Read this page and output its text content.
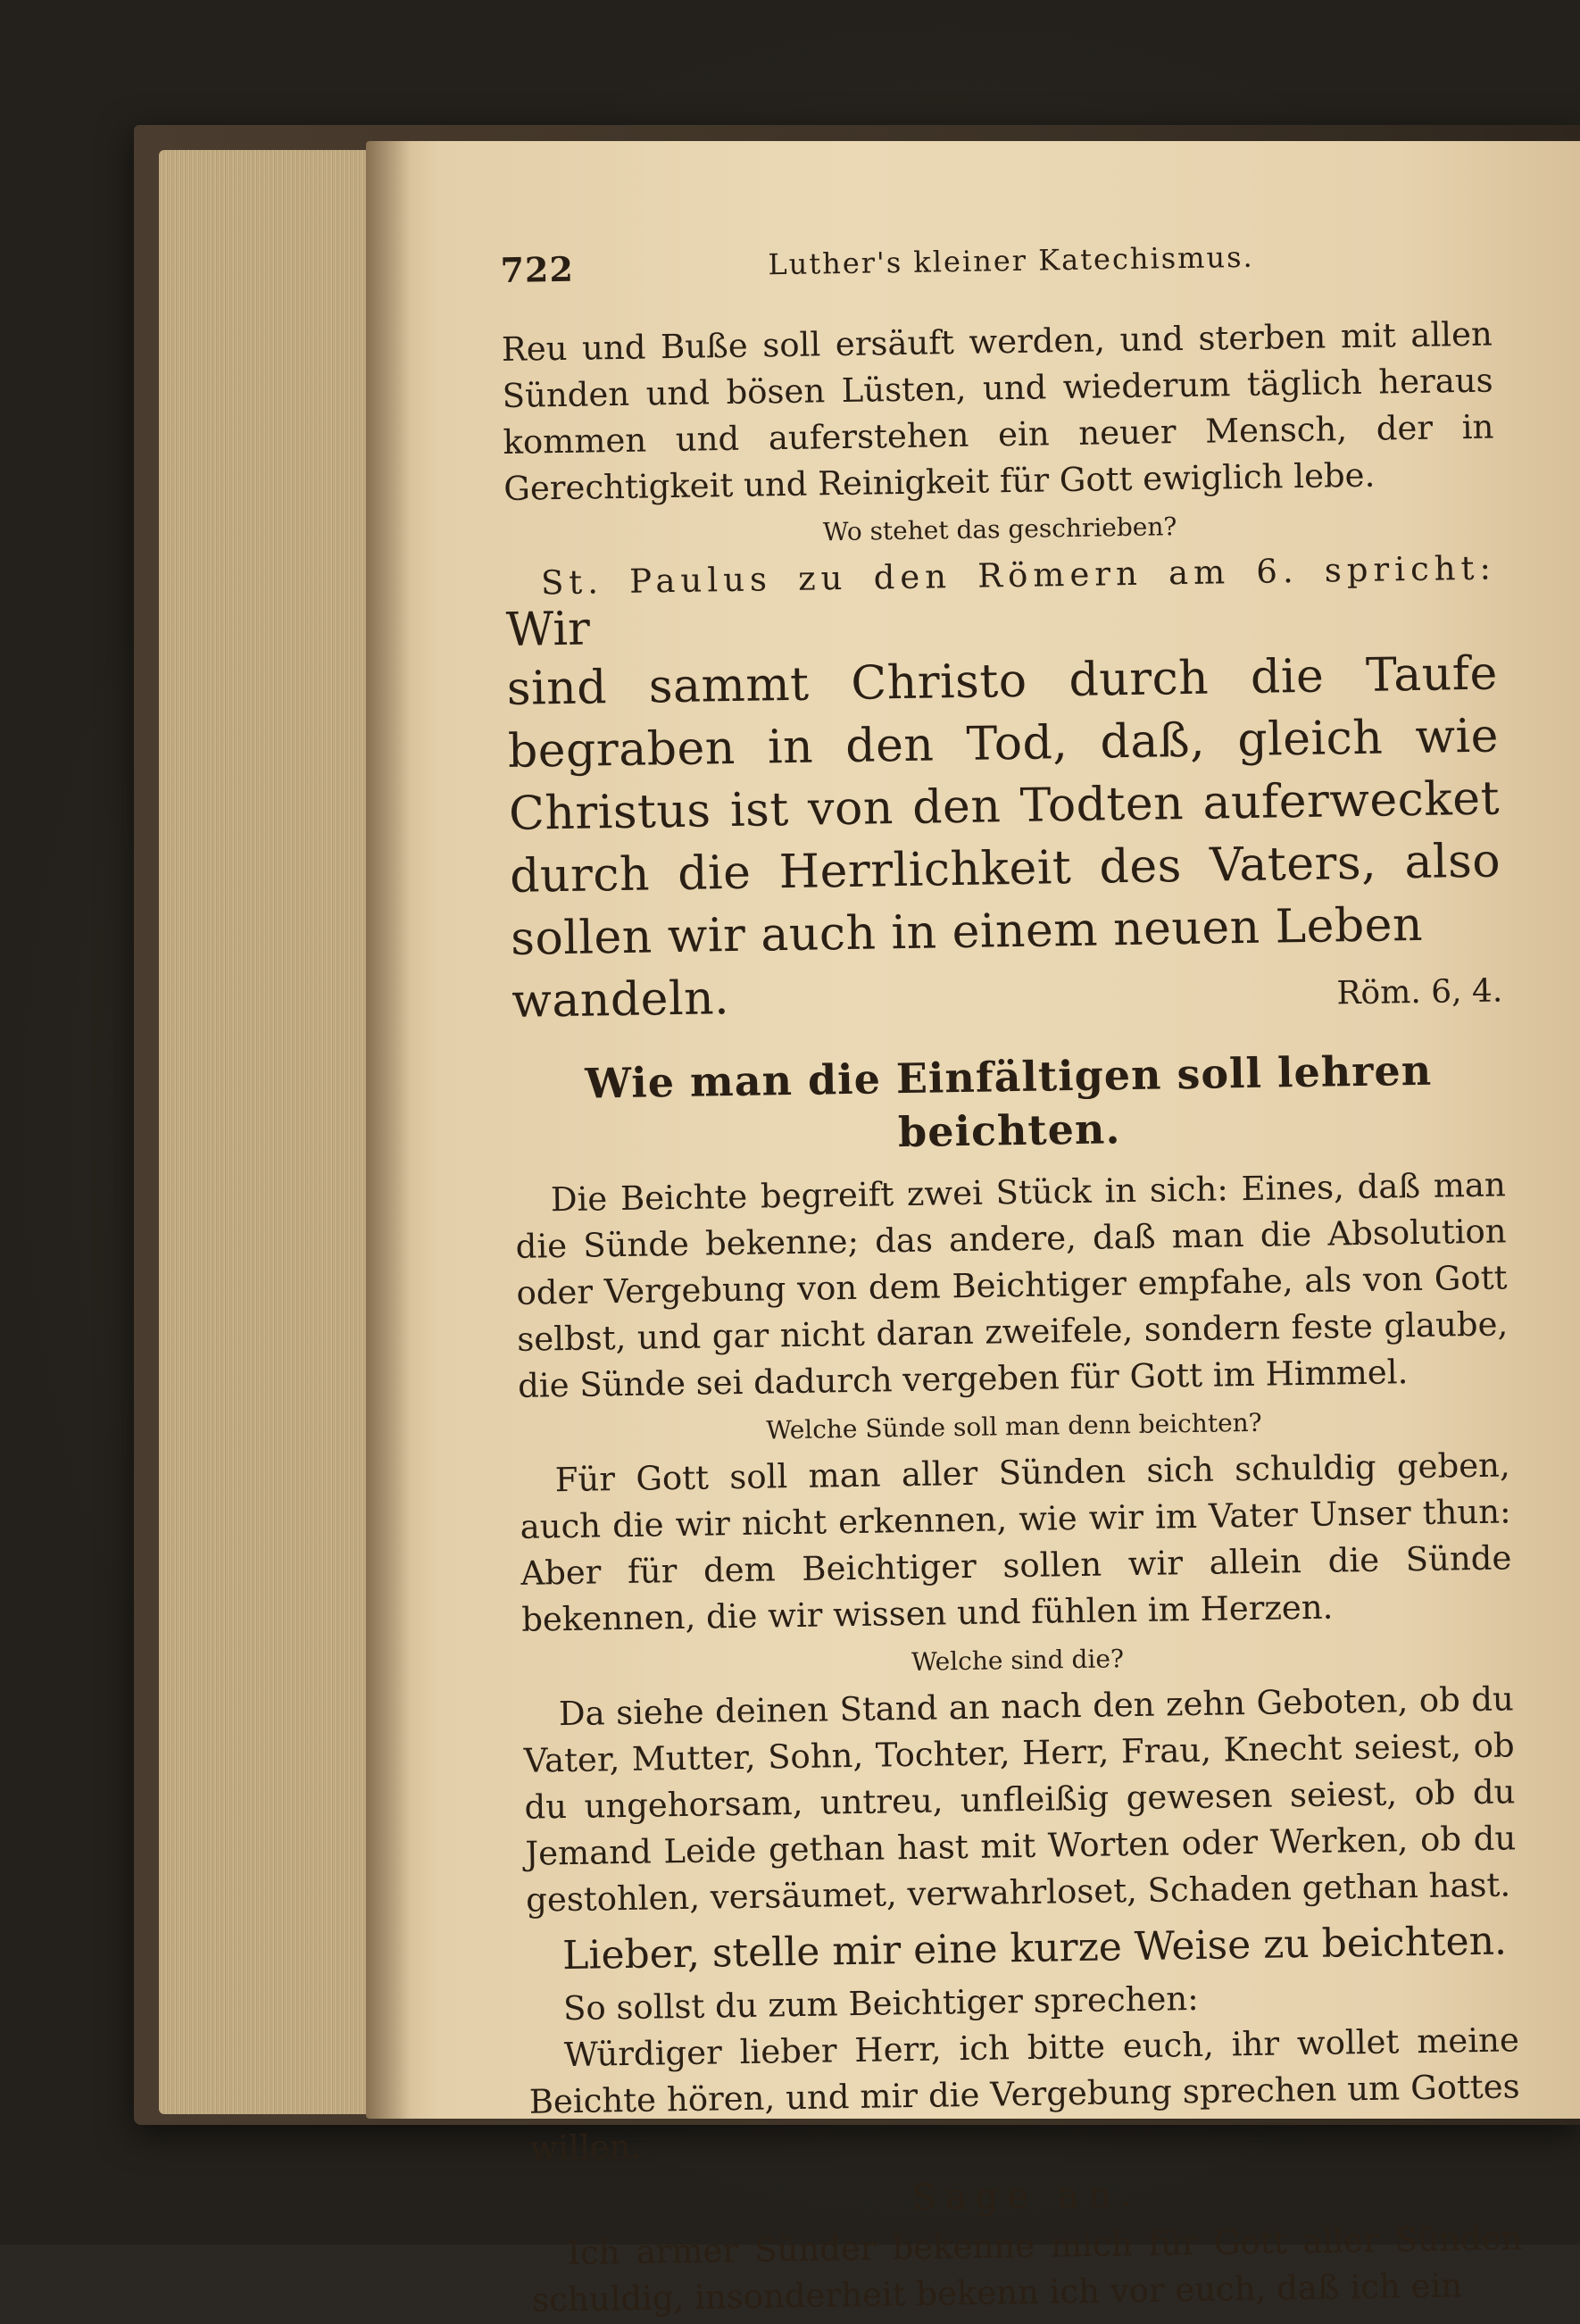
722	Luther's kleiner Katechismus.

Reu und Buße soll ersäuft werden, und sterben mit allen Sünden und bösen Lüsten, und wiederum täglich heraus kommen und auferstehen ein neuer Mensch, der in Gerechtigkeit und Reinigkeit für Gott ewiglich lebe.

Wo stehet das geschrieben?

St. Paulus zu den Römern am 6. spricht: Wir

sind sammt Christo durch die Taufe begraben in den Tod, daß, gleich wie Christus ist von den Todten auferwecket durch die Herrlichkeit des Vaters, also sollen wir auch in einem neuen Leben

wandeln.	Röm. 6, 4.
Wie man die Einfältigen soll lehren beichten.

Die Beichte begreift zwei Stück in sich: Eines, daß man die Sünde bekenne; das andere, daß man die Absolution oder Vergebung von dem Beichtiger empfahe, als von Gott selbst, und gar nicht daran zweifele, sondern feste glaube, die Sünde sei dadurch vergeben für Gott im Himmel.

Welche Sünde soll man denn beichten?

Für Gott soll man aller Sünden sich schuldig geben, auch die wir nicht erkennen, wie wir im Vater Unser thun: Aber für dem Beichtiger sollen wir allein die Sünde bekennen, die wir wissen und fühlen im Herzen.

Welche sind die?

Da siehe deinen Stand an nach den zehn Geboten, ob du Vater, Mutter, Sohn, Tochter, Herr, Frau, Knecht seiest, ob du ungehorsam, untreu, unfleißig gewesen seiest, ob du Jemand Leide gethan hast mit Worten oder Werken, ob du gestohlen, versäumet, verwahrloset, Schaden gethan hast.

Lieber, stelle mir eine kurze Weise zu beichten.

So sollst du zum Beichtiger sprechen:

Würdiger lieber Herr, ich bitte euch, ihr wollet meine Beichte hören, und mir die Vergebung sprechen um Gottes willen.

Sage an.

Ich armer Sünder bekenne mich für Gott aller Sünden schuldig, insonderheit bekenn ich vor euch, daß ich ein
